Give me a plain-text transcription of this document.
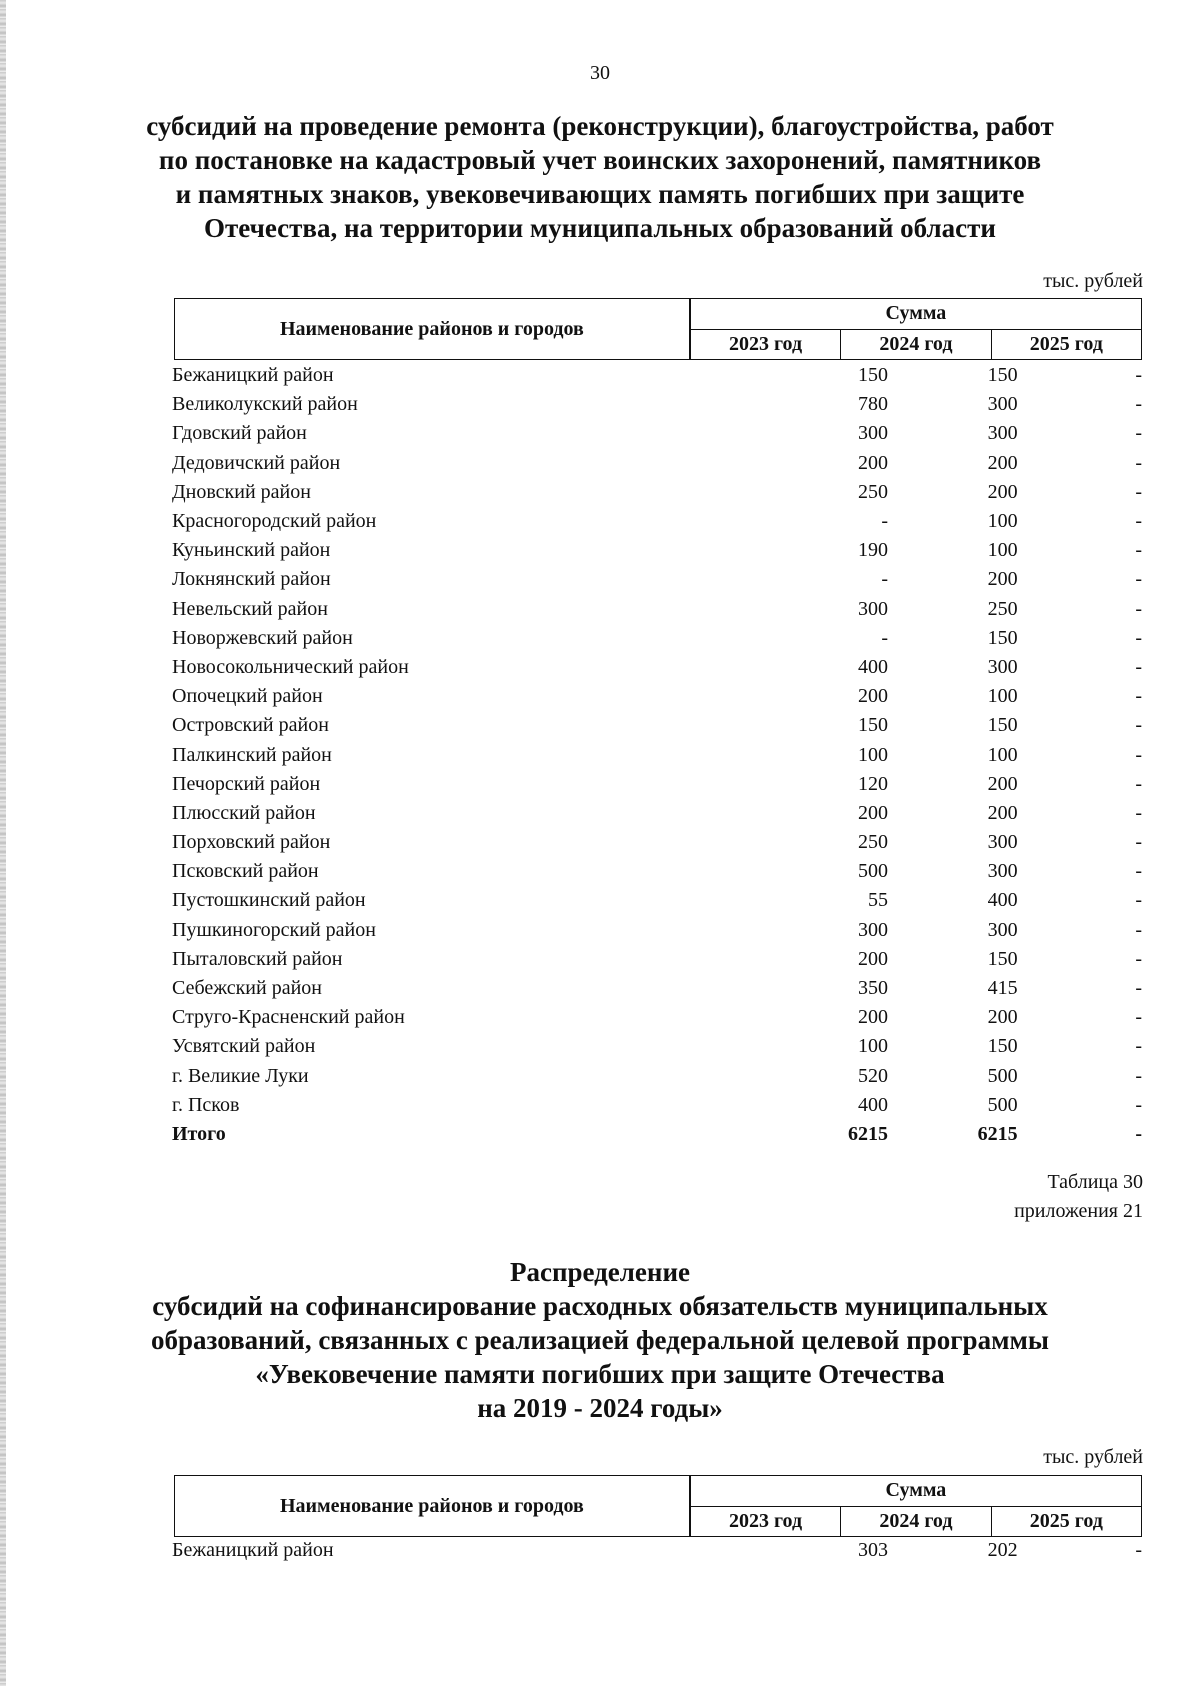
30
субсидий на проведение ремонта (реконструкции), благоустройства, работ
по постановке на кадастровый учет воинских захоронений, памятников
и памятных знаков, увековечивающих память погибших при защите
Отечества, на территории муниципальных образований области
тыс. рублей
Наименование районов и городов	Сумма		
	2023 год	2024 год	2025 год
Бежаницкий район	150	150	-
Великолукский район	780	300	-
Гдовский район	300	300	-
Дедовичский район	200	200	-
Дновский район	250	200	-
Красногородский район	-	100	-
Куньинский район	190	100	-
Локнянский район	-	200	-
Невельский район	300	250	-
Новоржевский район	-	150	-
Новосокольнический район	400	300	-
Опочецкий район	200	100	-
Островский район	150	150	-
Палкинский район	100	100	-
Печорский район	120	200	-
Плюсский район	200	200	-
Порховский район	250	300	-
Псковский район	500	300	-
Пустошкинский район	55	400	-
Пушкиногорский район	300	300	-
Пыталовский район	200	150	-
Себежский район	350	415	-
Струго-Красненский район	200	200	-
Усвятский район	100	150	-
г. Великие Луки	520	500	-
г. Псков	400	500	-
Итого	6215	6215	-
Таблица 30
приложения 21
Распределение
субсидий на софинансирование расходных обязательств муниципальных
образований, связанных с реализацией федеральной целевой программы
«Увековечение памяти погибших при защите Отечества
на 2019 - 2024 годы»
тыс. рублей
Наименование районов и городов	Сумма		
	2023 год	2024 год	2025 год
Бежаницкий район	303	202	-
